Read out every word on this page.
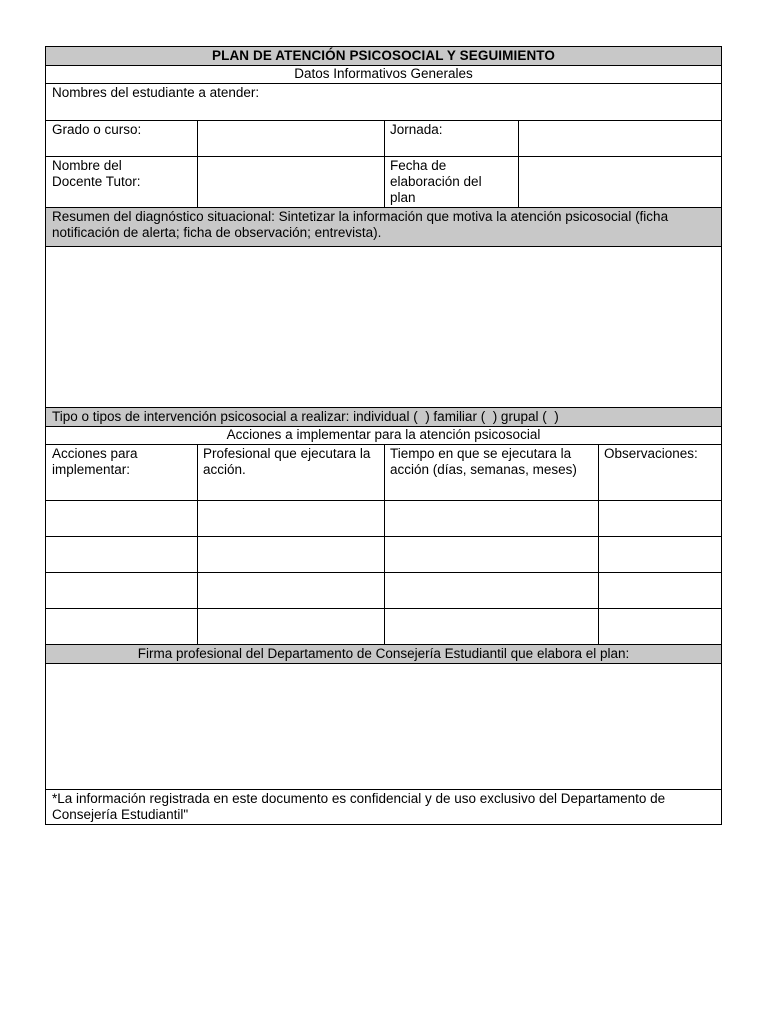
PLAN DE ATENCIÓN PSICOSOCIAL Y SEGUIMIENTO
Datos Informativos Generales
Nombres del estudiante a atender:
Grado o curso:	Jornada:
Nombre del Docente Tutor:
Fecha de elaboración del plan
Resumen del diagnóstico situacional: Sintetizar la información que motiva la atención psicosocial (ficha notificación de alerta; ficha de observación; entrevista).
Tipo o tipos de intervención psicosocial a realizar: individual (  ) familiar (  ) grupal (  )
Acciones a implementar para la atención psicosocial
Acciones para implementar:
Profesional que ejecutara la acción.
Tiempo en que se ejecutara la acción (días, semanas, meses)
Observaciones:
Firma profesional del Departamento de Consejería Estudiantil que elabora el plan:
*La información registrada en este documento es confidencial y de uso exclusivo del Departamento de Consejería Estudiantil"
